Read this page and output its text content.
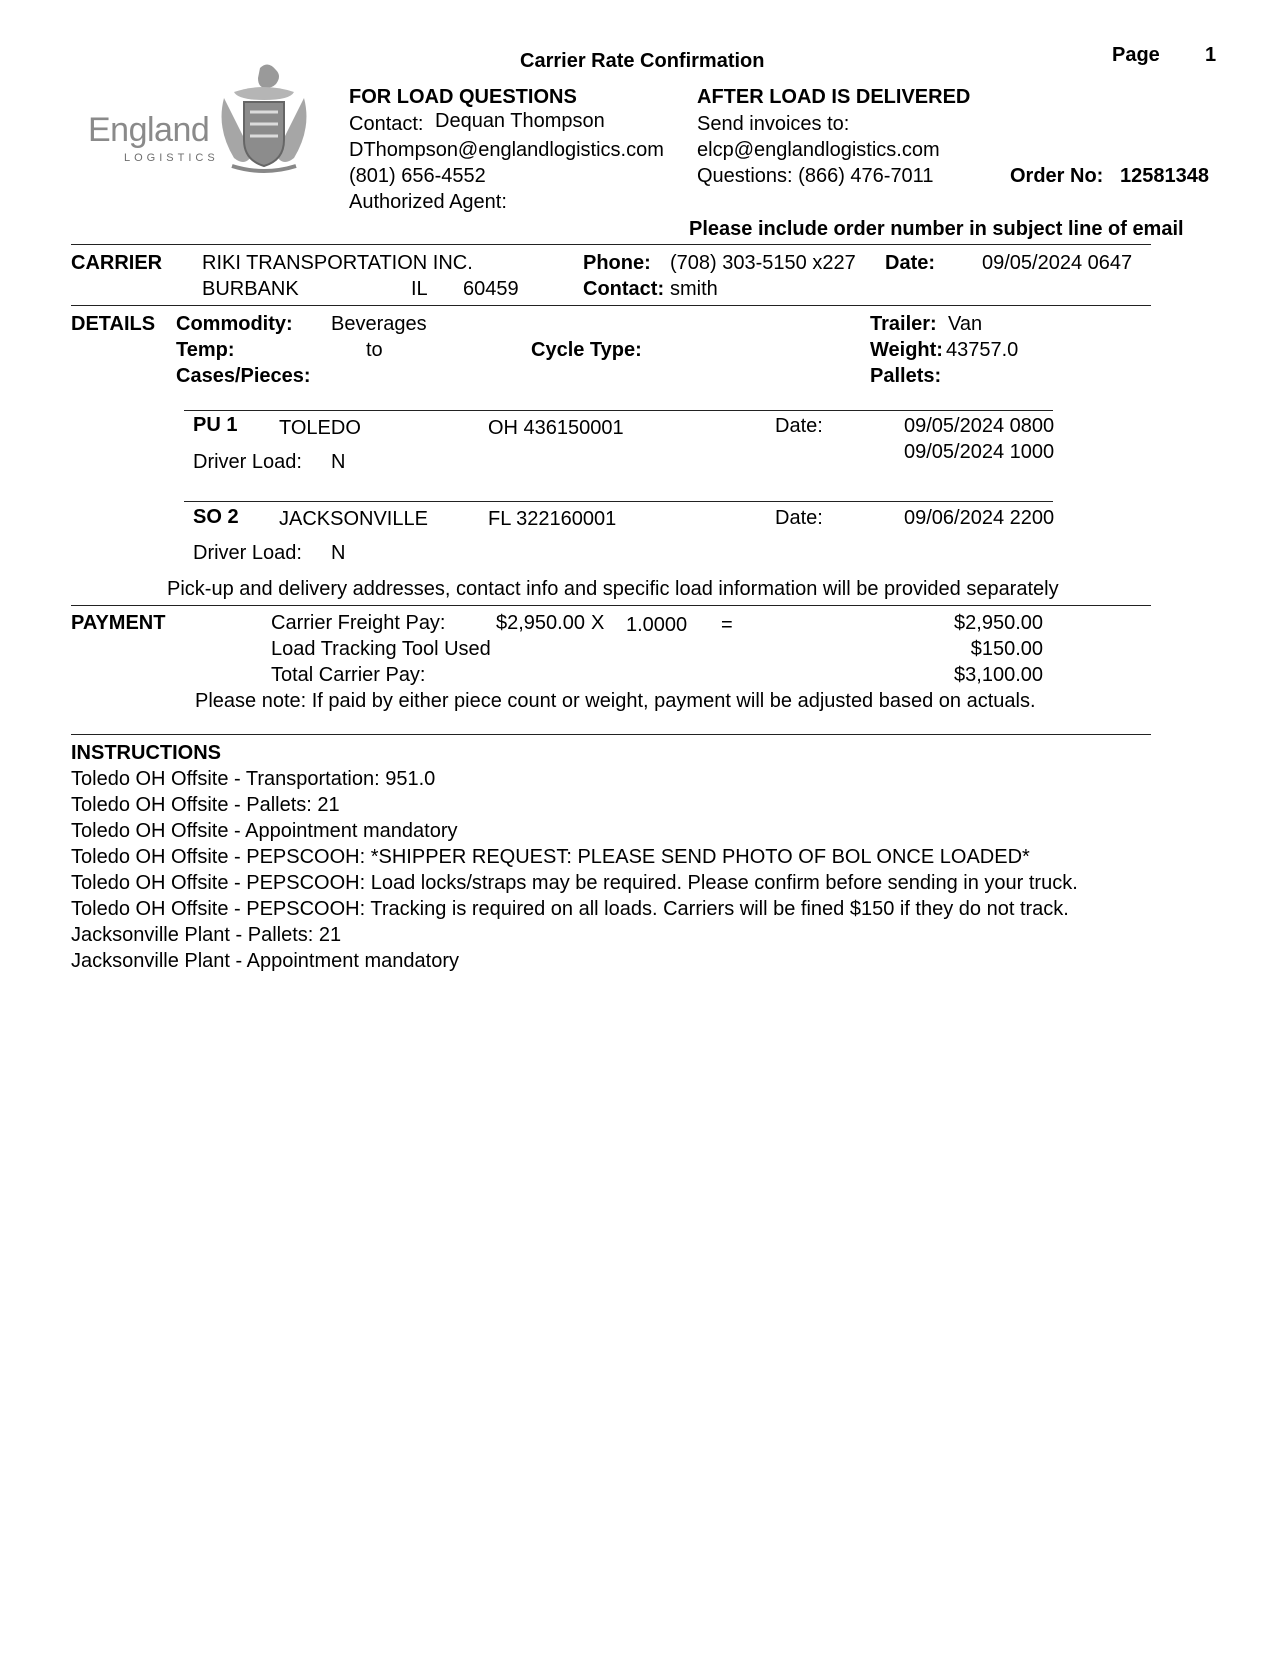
England
LOGISTICS
Carrier Rate Confirmation	Page 1
FOR LOAD QUESTIONS
Contact: Dequan Thompson
DThompson@englandlogistics.com
(801) 656-4552
Authorized Agent:
AFTER LOAD IS DELIVERED
Send invoices to:
elcp@englandlogistics.com
Questions: (866) 476-7011	Order No: 12581348
Please include order number in subject line of email
CARRIER RIKI TRANSPORTATION INC.
BURBANK	IL 60459
Phone: (708) 303-5150 x227
Contact: smith
Date: 09/05/2024 0647
DETAILS Commodity: Beverages
Temp:	to
Cases/Pieces:
Cycle Type:
Trailer: Van
Weight: 43757.0
Pallets:
PU 1 TOLEDO	OH 436150001	Date:	09/05/2024 0800
09/05/2024 1000
Driver Load: N
SO 2 JACKSONVILLE	FL 322160001	Date:	09/06/2024 2200
Driver Load: N
Pick-up and delivery addresses, contact info and specific load information will be provided separately
PAYMENT	Carrier Freight Pay:	$2,950.00 X 1.0000 =	$2,950.00
Load Tracking Tool Used	$150.00
Total Carrier Pay:	$3,100.00
Please note: If paid by either piece count or weight, payment will be adjusted based on actuals.
INSTRUCTIONS
Toledo OH Offsite - Transportation: 951.0
Toledo OH Offsite - Pallets: 21
Toledo OH Offsite - Appointment mandatory
Toledo OH Offsite - PEPSCOOH: *SHIPPER REQUEST: PLEASE SEND PHOTO OF BOL ONCE LOADED*
Toledo OH Offsite - PEPSCOOH: Load locks/straps may be required. Please confirm before sending in your truck.
Toledo OH Offsite - PEPSCOOH: Tracking is required on all loads. Carriers will be fined $150 if they do not track.
Jacksonville Plant - Pallets: 21
Jacksonville Plant - Appointment mandatory
